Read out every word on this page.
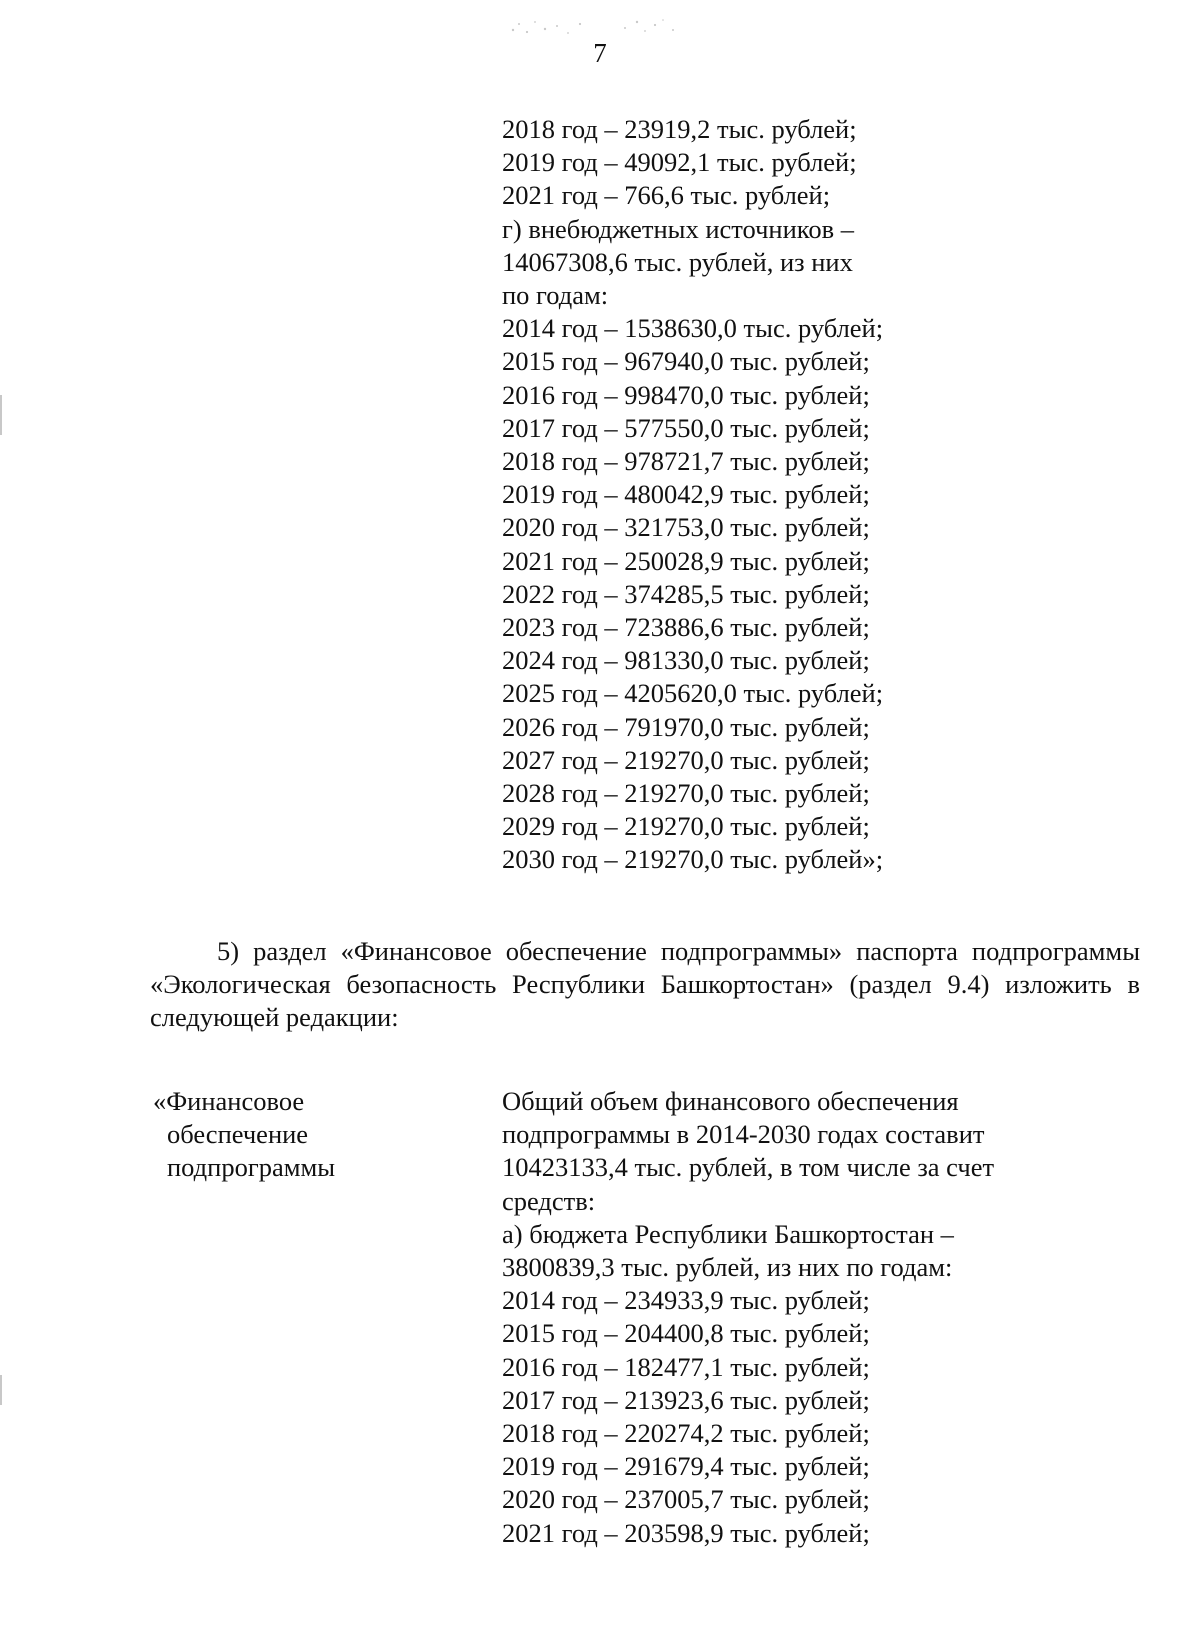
7
2018 год – 23919,2 тыс. рублей;
2019 год – 49092,1 тыс. рублей;
2021 год – 766,6 тыс. рублей;
г) внебюджетных источников –
14067308,6 тыс. рублей, из них
по годам:
2014 год – 1538630,0 тыс. рублей;
2015 год – 967940,0 тыс. рублей;
2016 год – 998470,0 тыс. рублей;
2017 год – 577550,0 тыс. рублей;
2018 год – 978721,7 тыс. рублей;
2019 год – 480042,9 тыс. рублей;
2020 год – 321753,0 тыс. рублей;
2021 год – 250028,9 тыс. рублей;
2022 год – 374285,5 тыс. рублей;
2023 год – 723886,6 тыс. рублей;
2024 год – 981330,0 тыс. рублей;
2025 год – 4205620,0 тыс. рублей;
2026 год – 791970,0 тыс. рублей;
2027 год – 219270,0 тыс. рублей;
2028 год – 219270,0 тыс. рублей;
2029 год – 219270,0 тыс. рублей;
2030 год – 219270,0 тыс. рублей»;
5) раздел «Финансовое обеспечение подпрограммы» паспорта подпрограммы «Экологическая безопасность Республики Башкортостан» (раздел 9.4) изложить в следующей редакции:
«Финансовое
обеспечение
подпрограммы
Общий объем финансового обеспечения
подпрограммы в 2014-2030 годах составит
10423133,4 тыс. рублей, в том числе за счет
средств:
а) бюджета Республики Башкортостан –
3800839,3 тыс. рублей, из них по годам:
2014 год – 234933,9 тыс. рублей;
2015 год – 204400,8 тыс. рублей;
2016 год – 182477,1 тыс. рублей;
2017 год – 213923,6 тыс. рублей;
2018 год – 220274,2 тыс. рублей;
2019 год – 291679,4 тыс. рублей;
2020 год – 237005,7 тыс. рублей;
2021 год – 203598,9 тыс. рублей;
